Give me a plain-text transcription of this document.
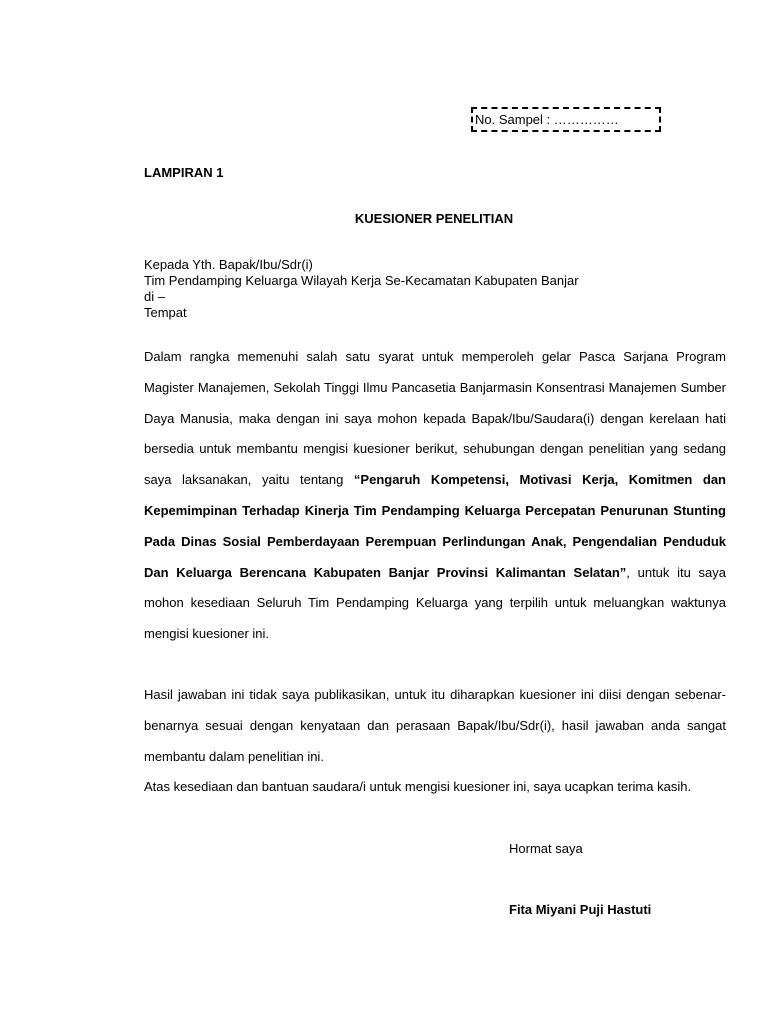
No. Sampel : ……………
LAMPIRAN 1
KUESIONER PENELITIAN
Kepada Yth. Bapak/Ibu/Sdr(i)
Tim Pendamping Keluarga Wilayah Kerja Se-Kecamatan Kabupaten Banjar
di –
Tempat

Dalam rangka memenuhi salah satu syarat untuk memperoleh gelar Pasca Sarjana Program Magister Manajemen, Sekolah Tinggi Ilmu Pancasetia Banjarmasin Konsentrasi Manajemen Sumber Daya Manusia, maka dengan ini saya mohon kepada Bapak/Ibu/Saudara(i) dengan kerelaan hati bersedia untuk membantu mengisi kuesioner berikut, sehubungan dengan penelitian yang sedang saya laksanakan, yaitu tentang “Pengaruh Kompetensi, Motivasi Kerja, Komitmen dan Kepemimpinan Terhadap Kinerja Tim Pendamping Keluarga Percepatan Penurunan Stunting Pada Dinas Sosial Pemberdayaan Perempuan Perlindungan Anak, Pengendalian Penduduk Dan Keluarga Berencana Kabupaten Banjar Provinsi Kalimantan Selatan”, untuk itu saya mohon kesediaan Seluruh Tim Pendamping Keluarga yang terpilih untuk meluangkan waktunya mengisi kuesioner ini.

Hasil jawaban ini tidak saya publikasikan, untuk itu diharapkan kuesioner ini diisi dengan sebenar-benarnya sesuai dengan kenyataan dan perasaan Bapak/Ibu/Sdr(i), hasil jawaban anda sangat membantu dalam penelitian ini.

Atas kesediaan dan bantuan saudara/i untuk mengisi kuesioner ini, saya ucapkan terima kasih.

Hormat saya
Fita Miyani Puji Hastuti
